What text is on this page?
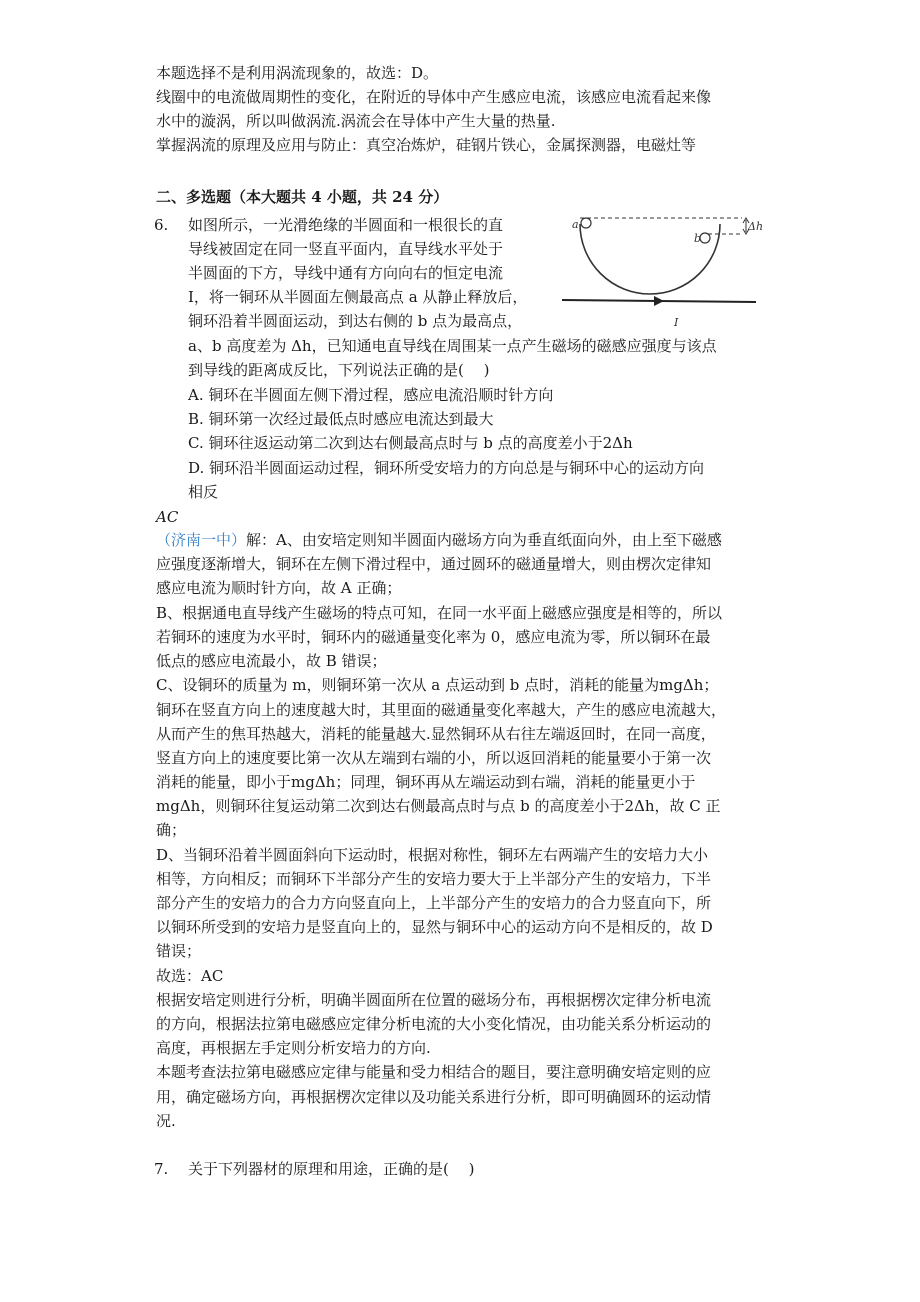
本题选择不是利用涡流现象的，故选：D。
线圈中的电流做周期性的变化，在附近的导体中产生感应电流，该感应电流看起来像
水中的漩涡，所以叫做涡流.涡流会在导体中产生大量的热量.
掌握涡流的原理及应用与防止：真空冶炼炉，硅钢片铁心，金属探测器，电磁灶等
二、多选题（本大题共 4 小题，共 24 分）
6. 如图所示，一光滑绝缘的半圆面和一根很长的直
导线被固定在同一竖直平面内，直导线水平处于
半圆面的下方，导线中通有方向向右的恒定电流
I，将一铜环从半圆面左侧最高点 a 从静止释放后，
铜环沿着半圆面运动，到达右侧的 b 点为最高点，
a、b 高度差为 Δh，已知通电直导线在周围某一点产生磁场的磁感应强度与该点
到导线的距离成反比，下列说法正确的是(　 )
A. 铜环在半圆面左侧下滑过程，感应电流沿顺时针方向
B. 铜环第一次经过最低点时感应电流达到最大
C. 铜环往返运动第二次到达右侧最高点时与 b 点的高度差小于2Δh
D. 铜环沿半圆面运动过程，铜环所受安培力的方向总是与铜环中心的运动方向
相反
AC
（济南一中）解：A、由安培定则知半圆面内磁场方向为垂直纸面向外，由上至下磁感
应强度逐渐增大，铜环在左侧下滑过程中，通过圆环的磁通量增大，则由楞次定律知
感应电流为顺时针方向，故 A 正确；
B、根据通电直导线产生磁场的特点可知，在同一水平面上磁感应强度是相等的，所以
若铜环的速度为水平时，铜环内的磁通量变化率为 0，感应电流为零，所以铜环在最
低点的感应电流最小，故 B 错误；
C、设铜环的质量为 m，则铜环第一次从 a 点运动到 b 点时，消耗的能量为mgΔh；
铜环在竖直方向上的速度越大时，其里面的磁通量变化率越大，产生的感应电流越大，
从而产生的焦耳热越大，消耗的能量越大.显然铜环从右往左端返回时，在同一高度，
竖直方向上的速度要比第一次从左端到右端的小，所以返回消耗的能量要小于第一次
消耗的能量，即小于mgΔh；同理，铜环再从左端运动到右端，消耗的能量更小于
mgΔh，则铜环往复运动第二次到达右侧最高点时与点 b 的高度差小于2Δh，故 C 正
确；
D、当铜环沿着半圆面斜向下运动时，根据对称性，铜环左右两端产生的安培力大小
相等，方向相反；而铜环下半部分产生的安培力要大于上半部分产生的安培力，下半
部分产生的安培力的合力方向竖直向上，上半部分产生的安培力的合力竖直向下，所
以铜环所受到的安培力是竖直向上的，显然与铜环中心的运动方向不是相反的，故 D
错误；
故选：AC
根据安培定则进行分析，明确半圆面所在位置的磁场分布，再根据楞次定律分析电流
的方向，根据法拉第电磁感应定律分析电流的大小变化情况，由功能关系分析运动的
高度，再根据左手定则分析安培力的方向.
本题考查法拉第电磁感应定律与能量和受力相结合的题目，要注意明确安培定则的应
用，确定磁场方向，再根据楞次定律以及功能关系进行分析，即可明确圆环的运动情
况.
7. 关于下列器材的原理和用途，正确的是(　 )
a
b
Δh
I
